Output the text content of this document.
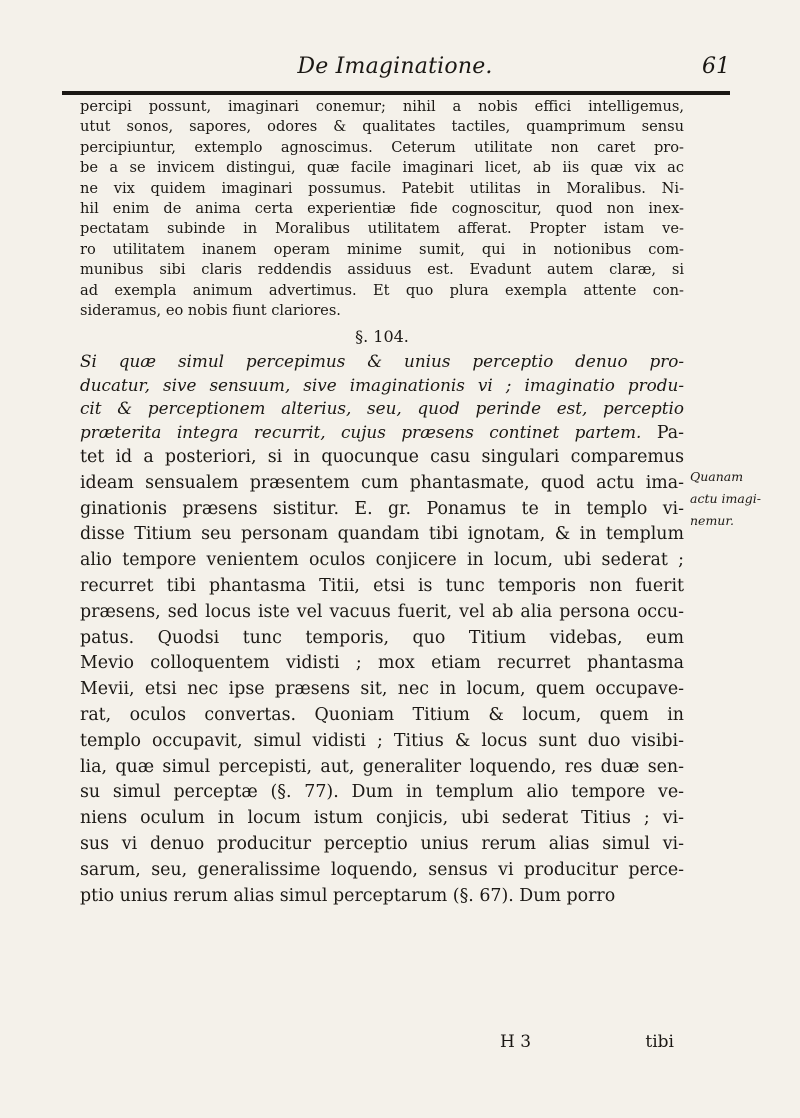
De Imaginatione.	61
percipi possunt, imaginari conemur; nihil a nobis effici intelligemus,
utut sonos, sapores, odores & qualitates tactiles, quamprimum sensu
percipiuntur, extemplo agnoscimus. Ceterum utilitate non caret pro-
be a se invicem distingui, quæ facile imaginari licet, ab iis quæ vix ac
ne vix quidem imaginari possumus. Patebit utilitas in Moralibus. Ni-
hil enim de anima certa experientiæ fide cognoscitur, quod non inex-
pectatam subinde in Moralibus utilitatem afferat. Propter istam ve-
ro utilitatem inanem operam minime sumit, qui in notionibus com-
munibus sibi claris reddendis assiduus est. Evadunt autem claræ, si
ad exempla animum advertimus. Et quo plura exempla attente con-
sideramus, eo nobis fiunt clariores.
§. 104.
Si quæ simul percepimus & unius perceptio denuo pro-
ducatur, sive sensuum, sive imaginationis vi ; imaginatio produ-
cit & perceptionem alterius, seu, quod perinde est, perceptio
præterita integra recurrit, cujus præsens continet partem. Pa-
tet id a posteriori, si in quocunque casu singulari comparemus
ideam sensualem præsentem cum phantasmate, quod actu ima-
ginationis præsens sistitur. E. gr. Ponamus te in templo vi-
disse Titium seu personam quandam tibi ignotam, & in templum
alio tempore venientem oculos conjicere in locum, ubi sederat ;
recurret tibi phantasma Titii, etsi is tunc temporis non fuerit
præsens, sed locus iste vel vacuus fuerit, vel ab alia persona occu-
patus. Quodsi tunc temporis, quo Titium videbas, eum
Mevio colloquentem vidisti ; mox etiam recurret phantasma
Mevii, etsi nec ipse præsens sit, nec in locum, quem occupave-
rat, oculos convertas. Quoniam Titium & locum, quem in
templo occupavit, simul vidisti ; Titius & locus sunt duo visibi-
lia, quæ simul percepisti, aut, generaliter loquendo, res duæ sen-
su simul perceptæ (§. 77). Dum in templum alio tempore ve-
niens oculum in locum istum conjicis, ubi sederat Titius ; vi-
sus vi denuo producitur perceptio unius rerum alias simul vi-
sarum, seu, generalissime loquendo, sensus vi producitur perce-
ptio unius rerum alias simul perceptarum (§. 67). Dum porro
Quanam
actu imagi-
nemur.
H 3	tibi
